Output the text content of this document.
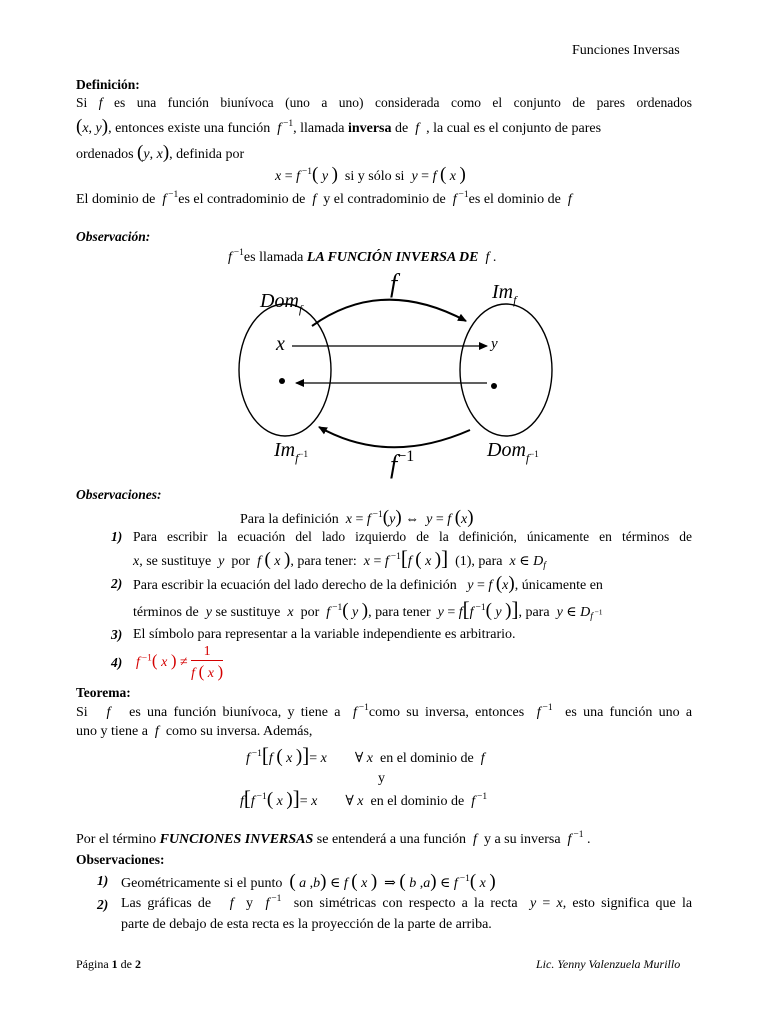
Funciones Inversas
Definición:
Si f es una función biunívoca (uno a uno) considerada como el conjunto de pares ordenados
(x, y), entonces existe una función f $^{-1}$, llamada inversa de f , la cual es el conjunto de pares
ordenados (y, x), definida por
x = f $^{-1}$( y ) si y sólo si y = f ( x )
El dominio de f $^{-1}$es el contradominio de f y el contradominio de f $^{-1}$es el dominio de f
Observación:
f $^{-1}$es llamada LA FUNCIÓN INVERSA DE f .
f
Dom$_f$
$Im_f$
x	y
$Im_f^{-1}$	$f^{-1}$	Dom$_f^{-1}$
Observaciones:
Para la definición x = f $^{-1}$(y) ⇔  y = f (x)
1) Para escribir la ecuación del lado izquierdo de la definición, únicamente en términos de
x, se sustituye y por f ( x ), para tener: x = f $^{-1}$[f ( x )] (1), para x ∈ $D_f$
2) Para escribir la ecuación del lado derecho de la definición y = f (x), únicamente en
términos de y se sustituye x por f $^{-1}$( y ), para tener y = f[f $^{-1}$( y )], para y ∈ $D_{f ^{-1}}$
3) El símbolo para representar a la variable independiente es arbitrario.
4) f $^{-1}$( x ) ≠ $\frac{1}{f ( x )}$
Teorema:
Si f es una función biunívoca, y tiene a f $^{-1}$como su inversa, entonces f $^{-1}$ es una función uno a
uno y tiene a f como su inversa. Además,
f $^{-1}$[f ( x )]= x        ∀ x en el dominio de f
y
f[f $^{-1}$( x )]= x        ∀ x en el dominio de f $^{-1}$
Por el término FUNCIONES INVERSAS se entenderá a una función f y a su inversa f $^{-1}$ .
Observaciones:
1) Geométricamente si el punto ( a ,b) ∈ f ( x )  ⇒ ( b ,a) ∈ f $^{-1}$( x )
2) Las gráficas de f y f $^{-1}$ son simétricas con respecto a la recta y = x, esto significa que la
parte de debajo de esta recta es la proyección de la parte de arriba.
Página 1 de 2	Lic. Yenny Valenzuela Murillo
